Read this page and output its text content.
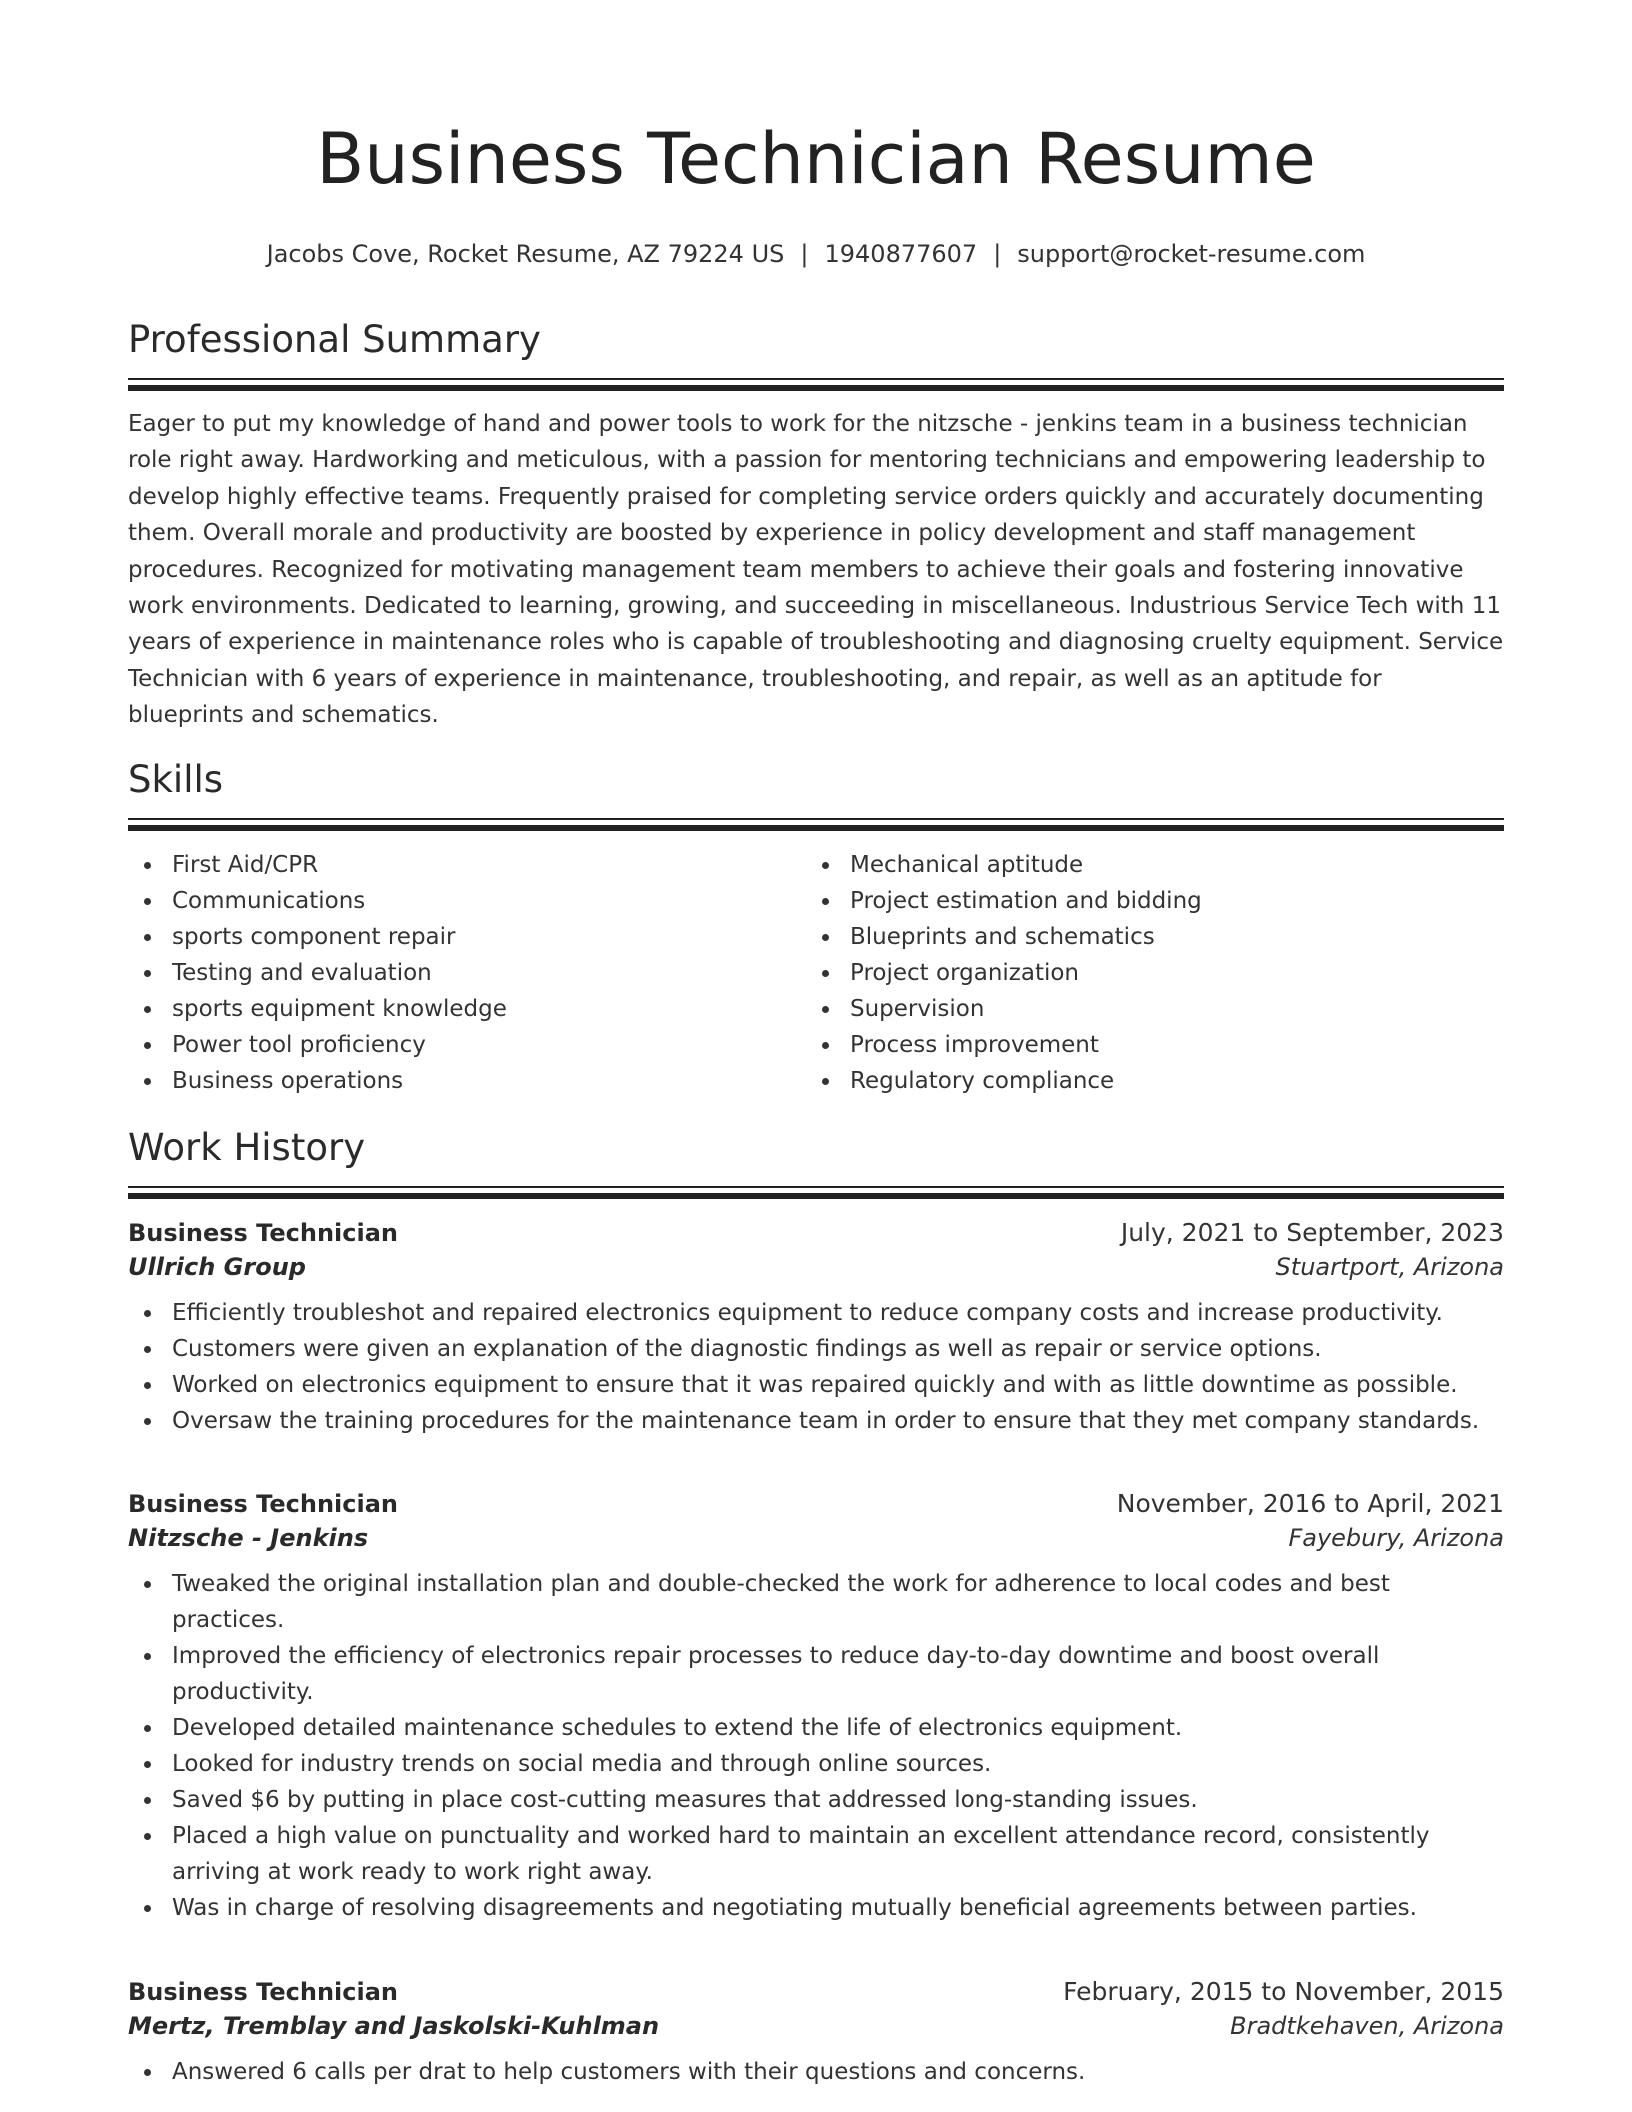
Business Technician Resume
Jacobs Cove, Rocket Resume, AZ 79224 US | 1940877607 | support@rocket-resume.com
Professional Summary

Eager to put my knowledge of hand and power tools to work for the nitzsche - jenkins team in a business technician role right away. Hardworking and meticulous, with a passion for mentoring technicians and empowering leadership to develop highly effective teams. Frequently praised for completing service orders quickly and accurately documenting them. Overall morale and productivity are boosted by experience in policy development and staff management procedures. Recognized for motivating management team members to achieve their goals and fostering innovative work environments. Dedicated to learning, growing, and succeeding in miscellaneous. Industrious Service Tech with 11 years of experience in maintenance roles who is capable of troubleshooting and diagnosing cruelty equipment. Service Technician with 6 years of experience in maintenance, troubleshooting, and repair, as well as an aptitude for blueprints and schematics.

Skills
First Aid/CPR
Communications
sports component repair
Testing and evaluation
sports equipment knowledge
Power tool proficiency
Business operations
Mechanical aptitude
Project estimation and bidding
Blueprints and schematics
Project organization
Supervision
Process improvement
Regulatory compliance
Work History
Business Technician	July, 2021 to September, 2023
Ullrich Group	Stuartport, Arizona
Efficiently troubleshot and repaired electronics equipment to reduce company costs and increase productivity.
Customers were given an explanation of the diagnostic findings as well as repair or service options.
Worked on electronics equipment to ensure that it was repaired quickly and with as little downtime as possible.
Oversaw the training procedures for the maintenance team in order to ensure that they met company standards.
Business Technician	November, 2016 to April, 2021
Nitzsche - Jenkins	Fayebury, Arizona
Tweaked the original installation plan and double-checked the work for adherence to local codes and best practices.
Improved the efficiency of electronics repair processes to reduce day-to-day downtime and boost overall productivity.
Developed detailed maintenance schedules to extend the life of electronics equipment.
Looked for industry trends on social media and through online sources.
Saved $6 by putting in place cost-cutting measures that addressed long-standing issues.
Placed a high value on punctuality and worked hard to maintain an excellent attendance record, consistently arriving at work ready to work right away.
Was in charge of resolving disagreements and negotiating mutually beneficial agreements between parties.
Business Technician	February, 2015 to November, 2015
Mertz, Tremblay and Jaskolski-Kuhlman	Bradtkehaven, Arizona
Answered 6 calls per drat to help customers with their questions and concerns.
